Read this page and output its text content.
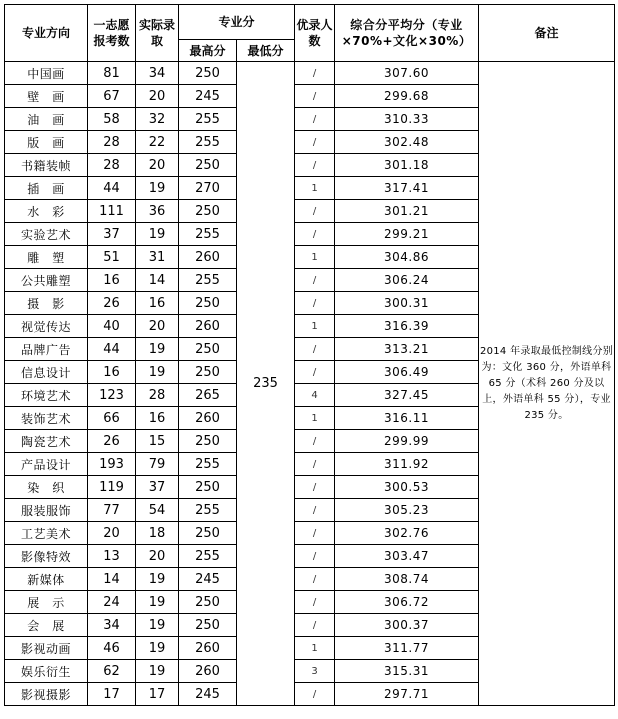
专业方向	一志愿报考数	实际录取	专业分		优录人数	综合分平均分（专业×70%+文化×30%）	备注
			最高分	最低分			
中国画	81	34	250	235	/	307.60	2014 年录取最低控制线分别为：文化 360 分，外语单科 65 分（术科 260 分及以上，外语单科 55 分），专业 235 分。
壁　画	67	20	245		/	299.68	
油　画	58	32	255		/	310.33	
版　画	28	22	255		/	302.48	
书籍装帧	28	20	250		/	301.18	
插　画	44	19	270		1	317.41	
水　彩	111	36	250		/	301.21	
实验艺术	37	19	255		/	299.21	
雕　塑	51	31	260		1	304.86	
公共雕塑	16	14	255		/	306.24	
摄　影	26	16	250		/	300.31	
视觉传达	40	20	260		1	316.39	
品牌广告	44	19	250		/	313.21	
信息设计	16	19	250		/	306.49	
环境艺术	123	28	265		4	327.45	
装饰艺术	66	16	260		1	316.11	
陶瓷艺术	26	15	250		/	299.99	
产品设计	193	79	255		/	311.92	
染　织	119	37	250		/	300.53	
服装服饰	77	54	255		/	305.23	
工艺美术	20	18	250		/	302.76	
影像特效	13	20	255		/	303.47	
新媒体	14	19	245		/	308.74	
展　示	24	19	250		/	306.72	
会　展	34	19	250		/	300.37	
影视动画	46	19	260		1	311.77	
娱乐衍生	62	19	260		3	315.31	
影视摄影	17	17	245		/	297.71	
